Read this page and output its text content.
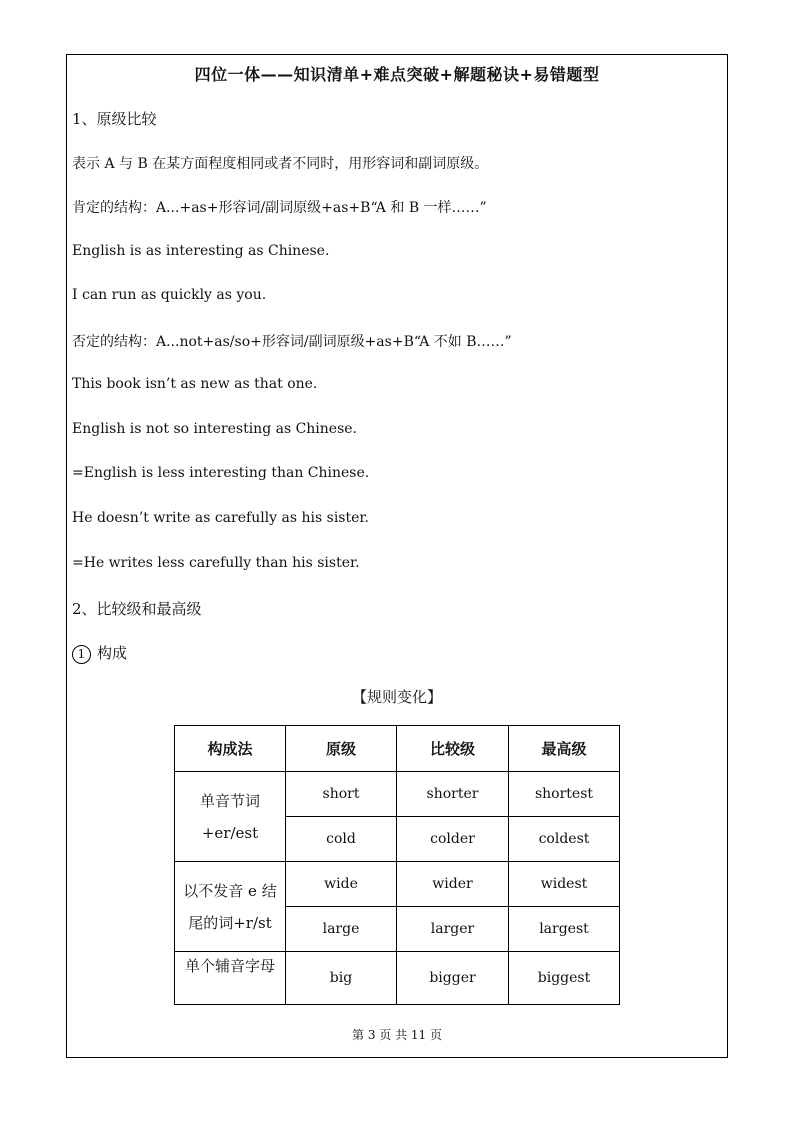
四位一体——知识清单+难点突破+解题秘诀+易错题型
1、原级比较
表示 A 与 B 在某方面程度相同或者不同时，用形容词和副词原级。
肯定的结构：A...+as+形容词/副词原级+as+B“A 和 B 一样……”
English is as interesting as Chinese.
I can run as quickly as you.
否定的结构：A...not+as/so+形容词/副词原级+as+B“A 不如 B……”
This book isn’t as new as that one.
English is not so interesting as Chinese.
=English is less interesting than Chinese.
He doesn’t write as carefully as his sister.
=He writes less carefully than his sister.
2、比较级和最高级
1 构成
【规则变化】
构成法	原级	比较级	最高级
单音节词
+er/est	short	shorter	shortest
	cold	colder	coldest
以不发音 e 结
尾的词+r/st	wide	wider	widest
	large	larger	largest
单个辅音字母	big	bigger	biggest
第 3 页 共 11 页
